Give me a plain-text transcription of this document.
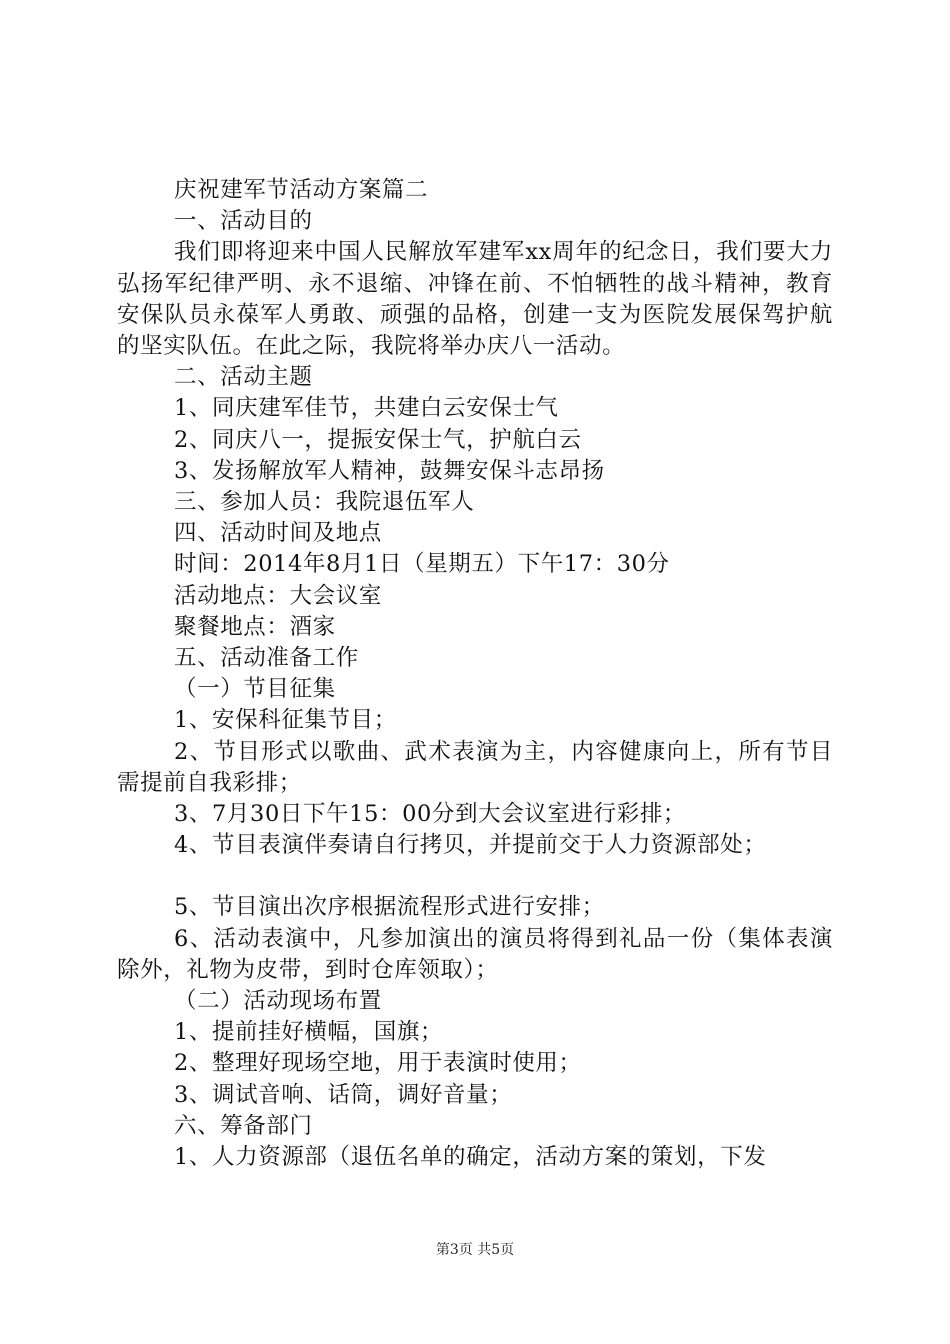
庆祝建军节活动方案篇二

一、活动目的

我们即将迎来中国人民解放军建军xx周年的纪念日，我们要大力弘扬军纪律严明、永不退缩、冲锋在前、不怕牺牲的战斗精神，教育安保队员永葆军人勇敢、顽强的品格，创建一支为医院发展保驾护航的坚实队伍。在此之际，我院将举办庆八一活动。

二、活动主题

1、同庆建军佳节，共建白云安保士气

2、同庆八一，提振安保士气，护航白云

3、发扬解放军人精神，鼓舞安保斗志昂扬

三、参加人员：我院退伍军人

四、活动时间及地点

时间：2014年8月1日（星期五）下午17：30分

活动地点：大会议室

聚餐地点：酒家

五、活动准备工作

（一）节目征集

1、安保科征集节目；

2、节目形式以歌曲、武术表演为主，内容健康向上，所有节目需提前自我彩排；

3、7月30日下午15：00分到大会议室进行彩排；

4、节目表演伴奏请自行拷贝，并提前交于人力资源部处；

5、节目演出次序根据流程形式进行安排；

6、活动表演中，凡参加演出的演员将得到礼品一份（集体表演除外，礼物为皮带，到时仓库领取）；

（二）活动现场布置

1、提前挂好横幅，国旗；

2、整理好现场空地，用于表演时使用；

3、调试音响、话筒，调好音量；

六、筹备部门

1、人力资源部（退伍名单的确定，活动方案的策划，下发

第3页 共5页
